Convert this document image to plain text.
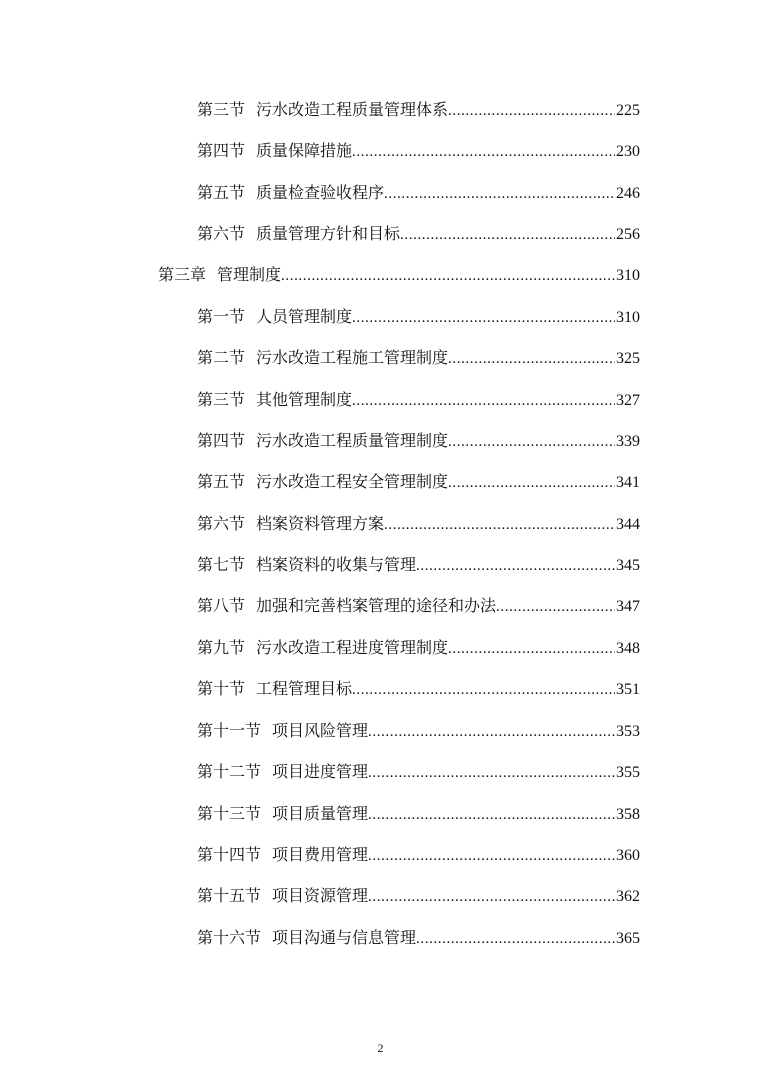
第三节 污水改造工程质量管理体系 .....	225
第四节 质量保障措施 .....	230
第五节 质量检查验收程序 .....	246
第六节 质量管理方针和目标 .....	256
第三章 管理制度 .....	310
第一节 人员管理制度 .....	310
第二节 污水改造工程施工管理制度 .....	325
第三节 其他管理制度 .....	327
第四节 污水改造工程质量管理制度 .....	339
第五节 污水改造工程安全管理制度 .....	341
第六节 档案资料管理方案 .....	344
第七节 档案资料的收集与管理 .....	345
第八节 加强和完善档案管理的途径和办法 .....	347
第九节 污水改造工程进度管理制度 .....	348
第十节 工程管理目标 .....	351
第十一节 项目风险管理 .....	353
第十二节 项目进度管理 .....	355
第十三节 项目质量管理 .....	358
第十四节 项目费用管理 .....	360
第十五节 项目资源管理 .....	362
第十六节 项目沟通与信息管理 .....	365
2
